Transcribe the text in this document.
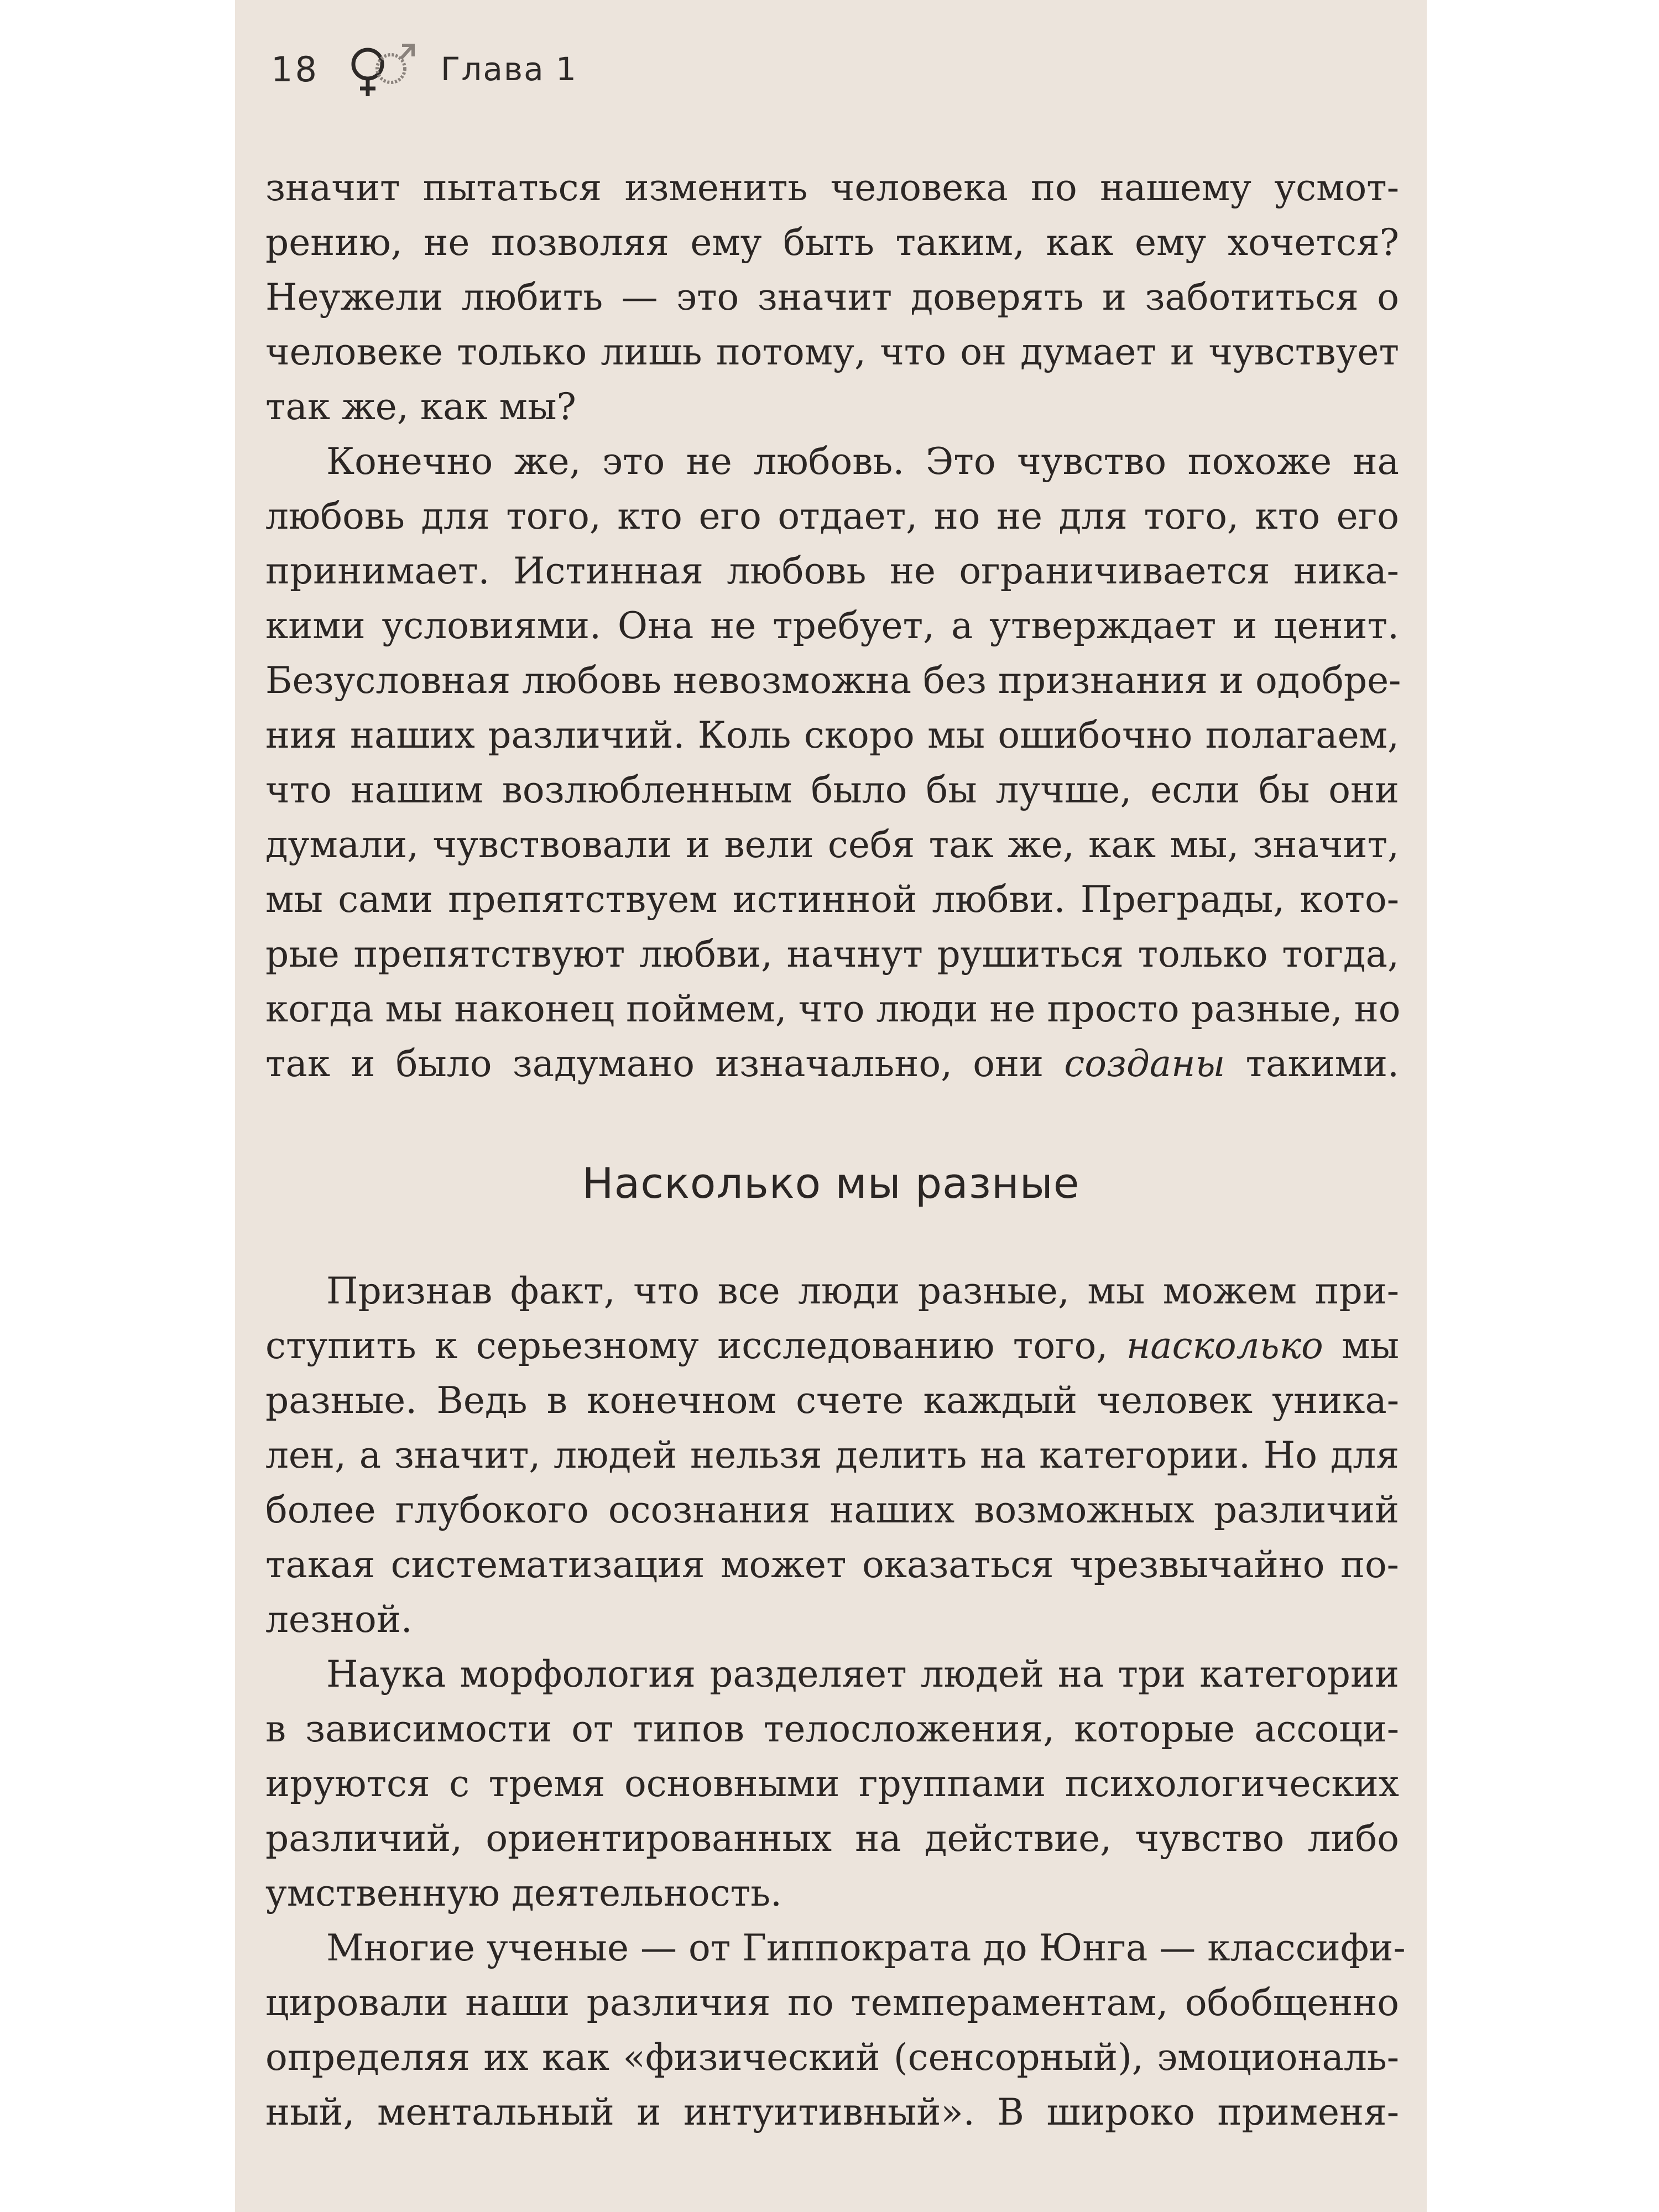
18	Глава 1
значит пытаться изменить человека по нашему усмот-
рению, не позволяя ему быть таким, как ему хочется?
Неужели любить — это значит доверять и заботиться о
человеке только лишь потому, что он думает и чувствует
так же, как мы?
Конечно же, это не любовь. Это чувство похоже на
любовь для того, кто его отдает, но не для того, кто его
принимает. Истинная любовь не ограничивается ника-
кими условиями. Она не требует, а утверждает и ценит.
Безусловная любовь невозможна без признания и одобре-
ния наших различий. Коль скоро мы ошибочно полагаем,
что нашим возлюбленным было бы лучше, если бы они
думали, чувствовали и вели себя так же, как мы, значит,
мы сами препятствуем истинной любви. Преграды, кото-
рые препятствуют любви, начнут рушиться только тогда,
когда мы наконец поймем, что люди не просто разные, но
так и было задумано изначально, они созданы такими.
Насколько мы разные
Признав факт, что все люди разные, мы можем при-
ступить к серьезному исследованию того, насколько мы
разные. Ведь в конечном счете каждый человек уника-
лен, а значит, людей нельзя делить на категории. Но для
более глубокого осознания наших возможных различий
такая систематизация может оказаться чрезвычайно по-
лезной.
Наука морфология разделяет людей на три категории
в зависимости от типов телосложения, которые ассоци-
ируются с тремя основными группами психологических
различий, ориентированных на действие, чувство либо
умственную деятельность.
Многие ученые — от Гиппократа до Юнга — классифи-
цировали наши различия по темпераментам, обобщенно
определяя их как «физический (сенсорный), эмоциональ-
ный, ментальный и интуитивный». В широко применя-
